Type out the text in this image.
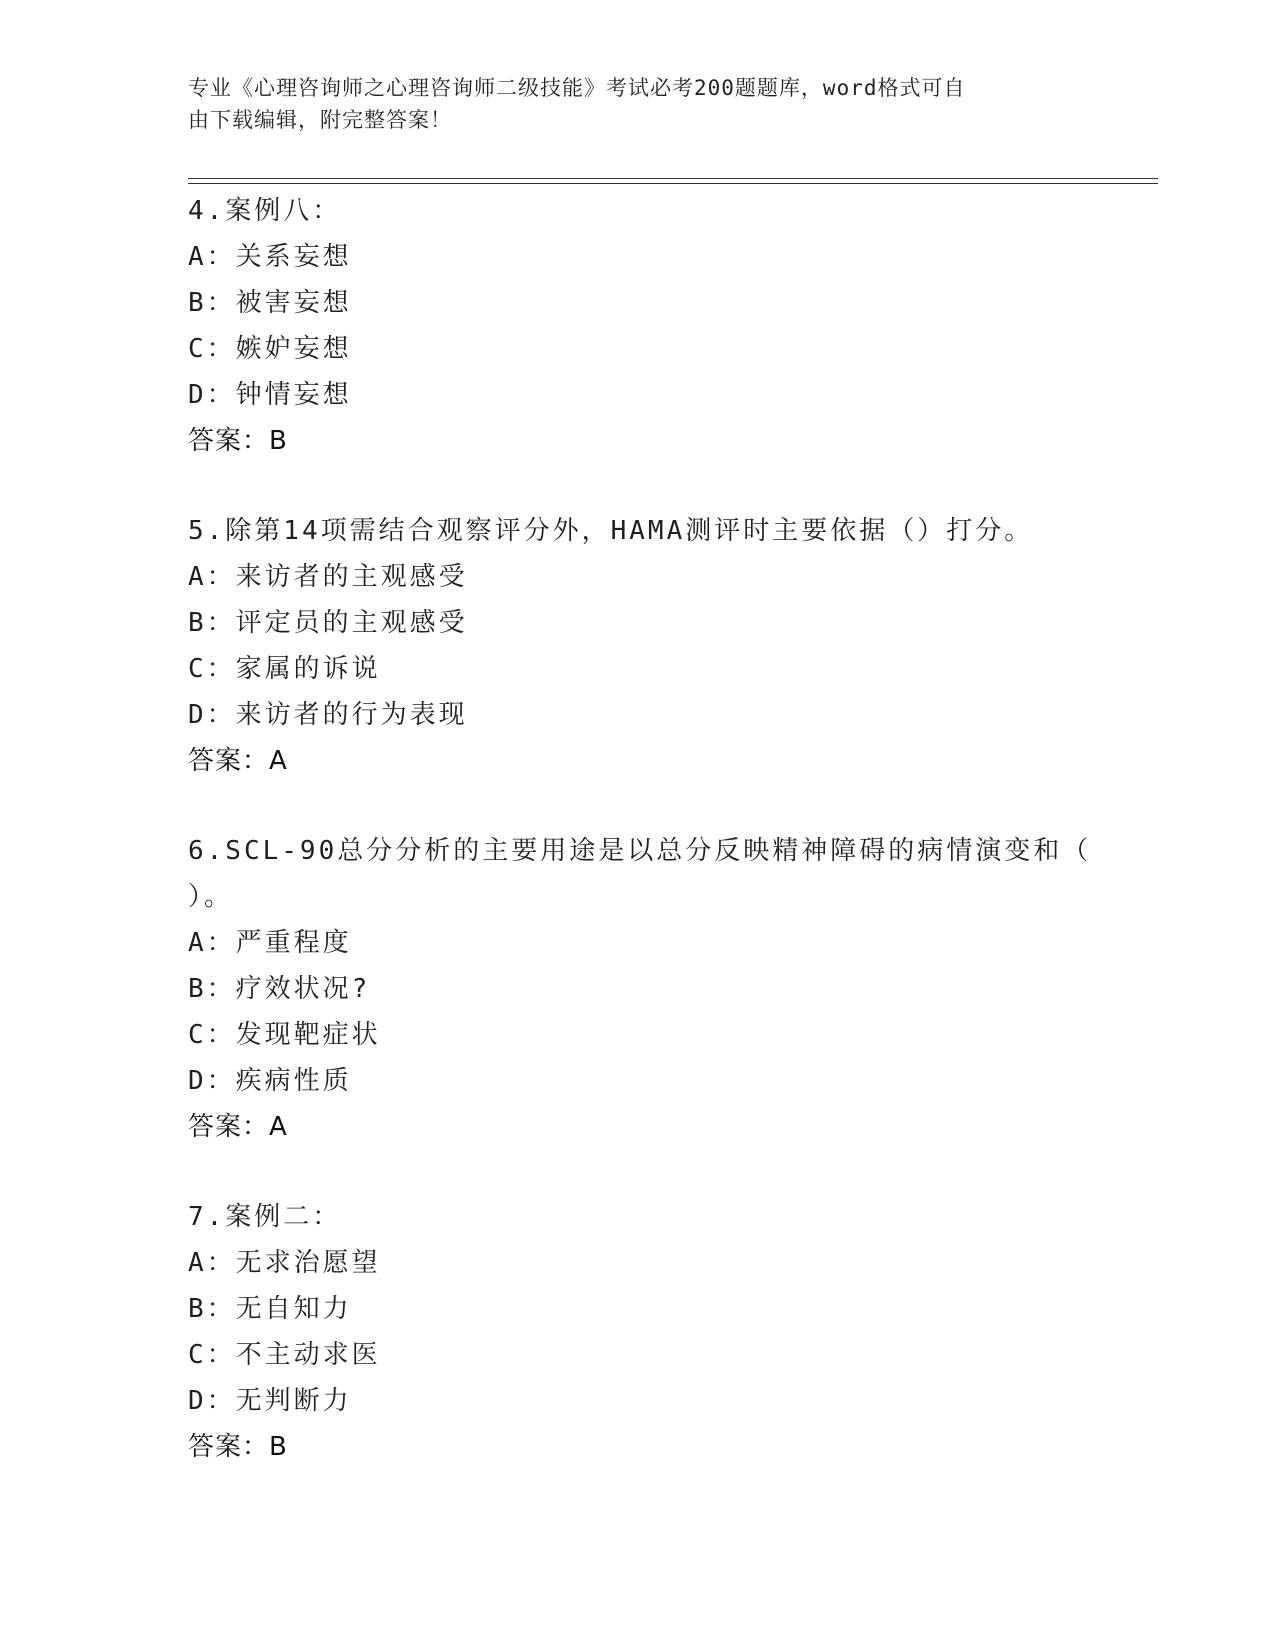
专业《心理咨询师之心理咨询师二级技能》考试必考200题题库，word格式可自
由下载编辑，附完整答案！
4.案例八：
A：关系妄想
B：被害妄想
C：嫉妒妄想
D：钟情妄想
答案：B
5.除第14项需结合观察评分外，HAMA测评时主要依据（）打分。
A：来访者的主观感受
B：评定员的主观感受
C：家属的诉说
D：来访者的行为表现
答案：A
6.SCL-90总分分析的主要用途是以总分反映精神障碍的病情演变和（
）。
A：严重程度
B：疗效状况?
C：发现靶症状
D：疾病性质
答案：A
7.案例二：
A：无求治愿望
B：无自知力
C：不主动求医
D：无判断力
答案：B
